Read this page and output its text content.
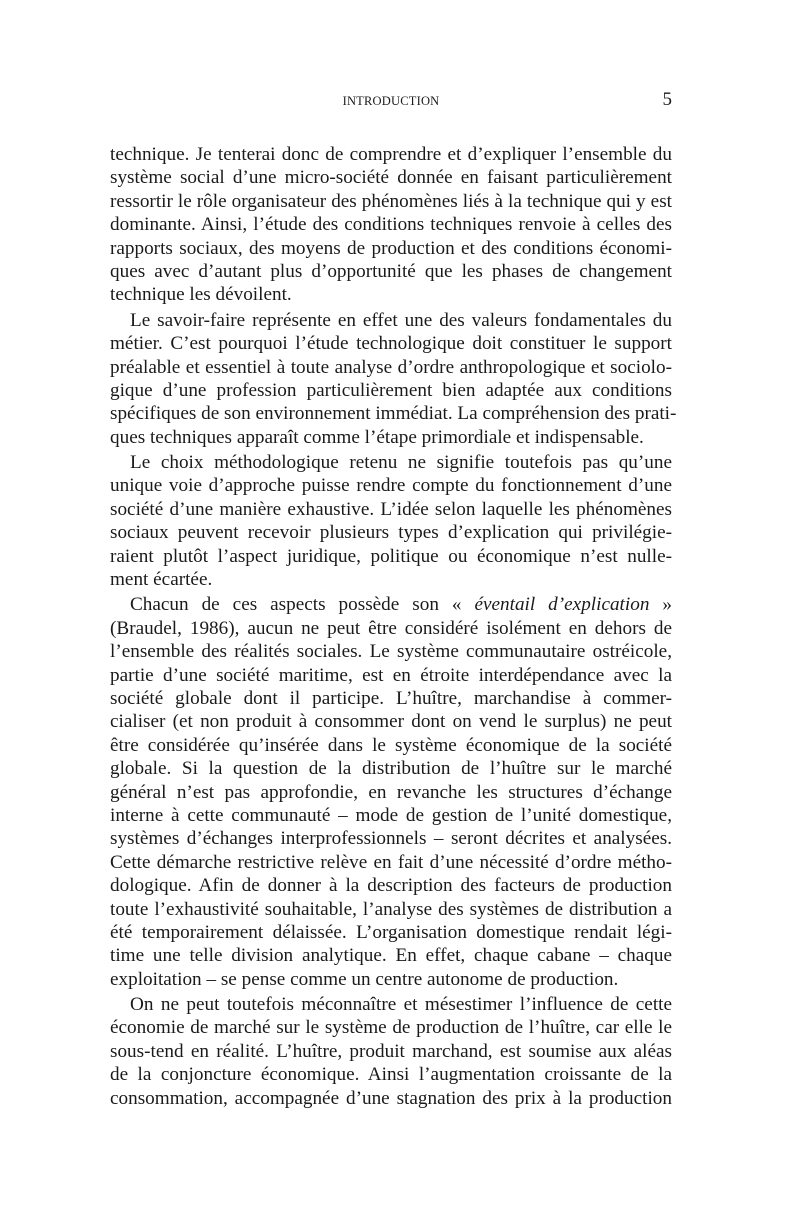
INTRODUCTION	5
technique. Je tenterai donc de comprendre et d’expliquer l’ensemble du
système social d’une micro-société donnée en faisant particulièrement
ressortir le rôle organisateur des phénomènes liés à la technique qui y est
dominante. Ainsi, l’étude des conditions techniques renvoie à celles des
rapports sociaux, des moyens de production et des conditions économi-
ques avec d’autant plus d’opportunité que les phases de changement
technique les dévoilent.
Le savoir-faire représente en effet une des valeurs fondamentales du
métier. C’est pourquoi l’étude technologique doit constituer le support
préalable et essentiel à toute analyse d’ordre anthropologique et sociolo-
gique d’une profession particulièrement bien adaptée aux conditions
spécifiques de son environnement immédiat. La compréhension des prati-
ques techniques apparaît comme l’étape primordiale et indispensable.
Le choix méthodologique retenu ne signifie toutefois pas qu’une
unique voie d’approche puisse rendre compte du fonctionnement d’une
société d’une manière exhaustive. L’idée selon laquelle les phénomènes
sociaux peuvent recevoir plusieurs types d’explication qui privilégie-
raient plutôt l’aspect juridique, politique ou économique n’est nulle-
ment écartée.
Chacun de ces aspects possède son « éventail d’explication »
(Braudel, 1986), aucun ne peut être considéré isolément en dehors de
l’ensemble des réalités sociales. Le système communautaire ostréicole,
partie d’une société maritime, est en étroite interdépendance avec la
société globale dont il participe. L’huître, marchandise à commer-
cialiser (et non produit à consommer dont on vend le surplus) ne peut
être considérée qu’insérée dans le système économique de la société
globale. Si la question de la distribution de l’huître sur le marché
général n’est pas approfondie, en revanche les structures d’échange
interne à cette communauté – mode de gestion de l’unité domestique,
systèmes d’échanges interprofessionnels – seront décrites et analysées.
Cette démarche restrictive relève en fait d’une nécessité d’ordre métho-
dologique. Afin de donner à la description des facteurs de production
toute l’exhaustivité souhaitable, l’analyse des systèmes de distribution a
été temporairement délaissée. L’organisation domestique rendait légi-
time une telle division analytique. En effet, chaque cabane – chaque
exploitation – se pense comme un centre autonome de production.
On ne peut toutefois méconnaître et mésestimer l’influence de cette
économie de marché sur le système de production de l’huître, car elle le
sous-tend en réalité. L’huître, produit marchand, est soumise aux aléas
de la conjoncture économique. Ainsi l’augmentation croissante de la
consommation, accompagnée d’une stagnation des prix à la production
